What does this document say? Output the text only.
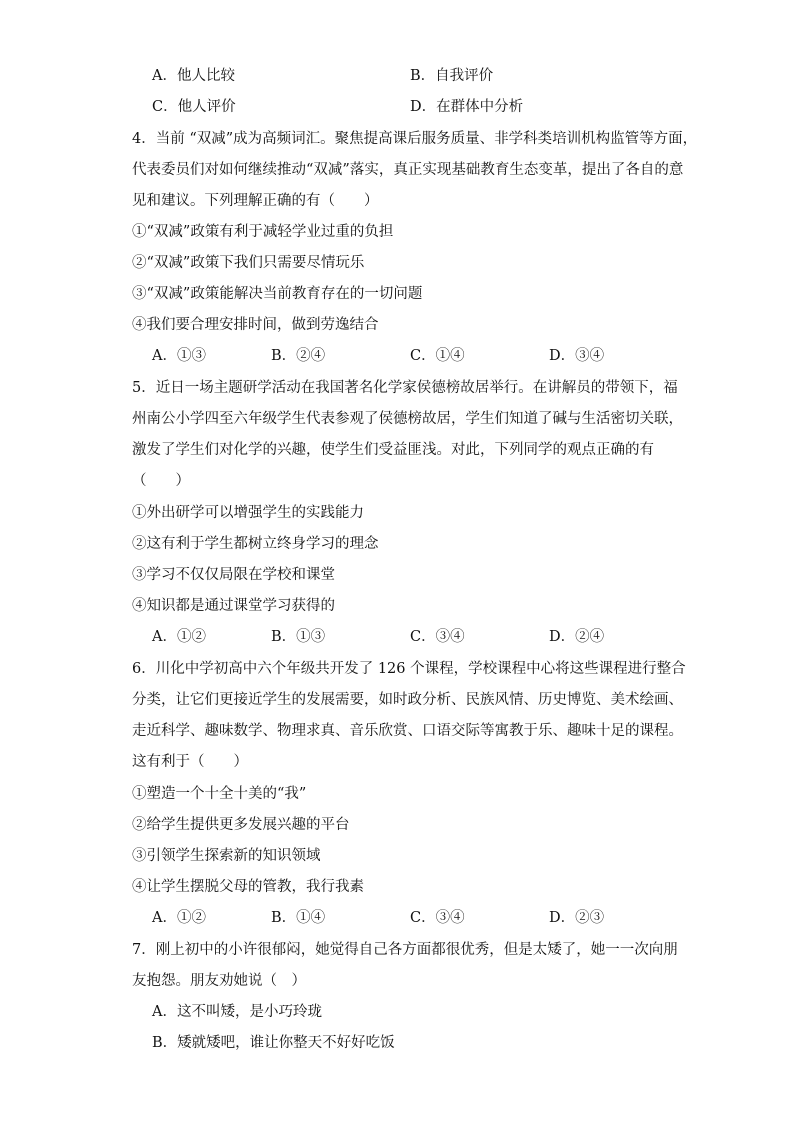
A．他人比较	B．自我评价
C．他人评价	D．在群体中分析
4．当前 “双减”成为高频词汇。聚焦提高课后服务质量、非学科类培训机构监管等方面，
代表委员们对如何继续推动“双减”落实，真正实现基础教育生态变革，提出了各自的意
见和建议。下列理解正确的有（　　）
①“双减”政策有利于减轻学业过重的负担
②“双减”政策下我们只需要尽情玩乐
③“双减”政策能解决当前教育存在的一切问题
④我们要合理安排时间，做到劳逸结合
A．①③	B．②④	C．①④	D．③④
5．近日一场主题研学活动在我国著名化学家侯德榜故居举行。在讲解员的带领下，福
州南公小学四至六年级学生代表参观了侯德榜故居，学生们知道了碱与生活密切关联，
激发了学生们对化学的兴趣，使学生们受益匪浅。对此，下列同学的观点正确的有
（　　）
①外出研学可以增强学生的实践能力
②这有利于学生都树立终身学习的理念
③学习不仅仅局限在学校和课堂
④知识都是通过课堂学习获得的
A．①②	B．①③	C．③④	D．②④
6．川化中学初高中六个年级共开发了 126 个课程，学校课程中心将这些课程进行整合
分类，让它们更接近学生的发展需要，如时政分析、民族风情、历史博览、美术绘画、
走近科学、趣味数学、物理求真、音乐欣赏、口语交际等寓教于乐、趣味十足的课程。
这有利于（　　）
①塑造一个十全十美的“我”
②给学生提供更多发展兴趣的平台
③引领学生探索新的知识领域
④让学生摆脱父母的管教，我行我素
A．①②	B．①④	C．③④	D．②③
7．刚上初中的小许很郁闷，她觉得自己各方面都很优秀，但是太矮了，她一一次向朋
友抱怨。朋友劝她说（　）
A．这不叫矮，是小巧玲珑
B．矮就矮吧，谁让你整天不好好吃饭
